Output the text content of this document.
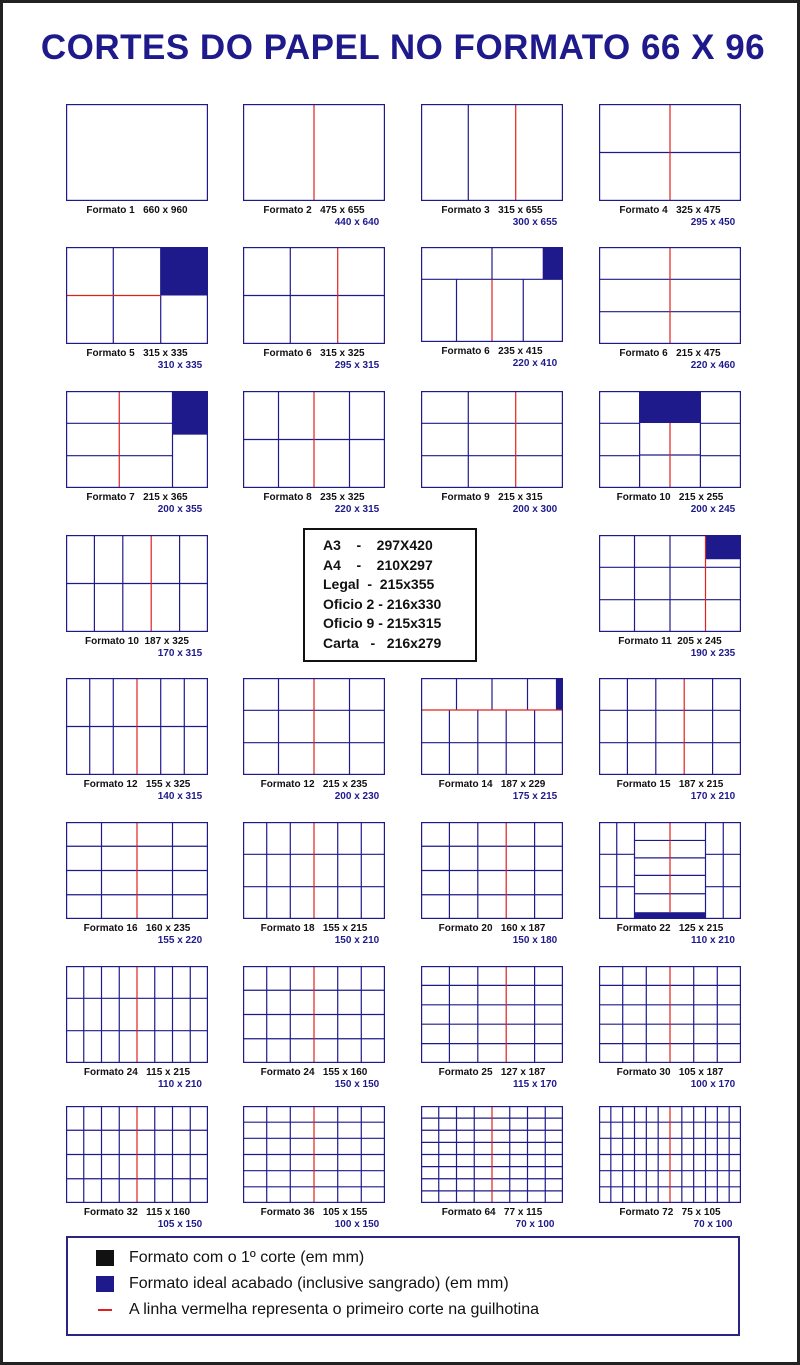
CORTES DO PAPEL NO FORMATO 66 X 96
Formato 1   660 x 960	Formato 2   475 x 655
440 x 640
Formato 3   315 x 655
300 x 655
Formato 4   325 x 475
295 x 450
Formato 5   315 x 335
310 x 335
Formato 6   315 x 325
295 x 315
Formato 6   235 x 415
220 x 410
Formato 6   215 x 475
220 x 460
Formato 7   215 x 365
200 x 355
Formato 8   235 x 325
220 x 315
Formato 9   215 x 315
200 x 300
Formato 10   215 x 255
200 x 245
Formato 10  187 x 325
170 x 315
Formato 11  205 x 245
190 x 235
Formato 12   155 x 325
140 x 315
Formato 12   215 x 235
200 x 230
Formato 14   187 x 229
175 x 215
Formato 15   187 x 215
170 x 210
Formato 16   160 x 235
155 x 220
Formato 18   155 x 215
150 x 210
Formato 20   160 x 187
150 x 180
Formato 22   125 x 215
110 x 210
Formato 24   115 x 215
110 x 210
Formato 24   155 x 160
150 x 150
Formato 25   127 x 187
115 x 170
Formato 30   105 x 187
100 x 170
Formato 32   115 x 160
105 x 150
Formato 36   105 x 155
100 x 150
Formato 64   77 x 115
70 x 100
Formato 72   75 x 105
70 x 100
A3    -    297X420
A4    -    210X297
Legal  -  215x355
Oficio 2 - 216x330
Oficio 9 - 215x315
Carta   -   216x279
Formato com o 1º corte (em mm)
Formato ideal acabado (inclusive sangrado) (em mm)
A linha vermelha representa o primeiro corte na guilhotina
